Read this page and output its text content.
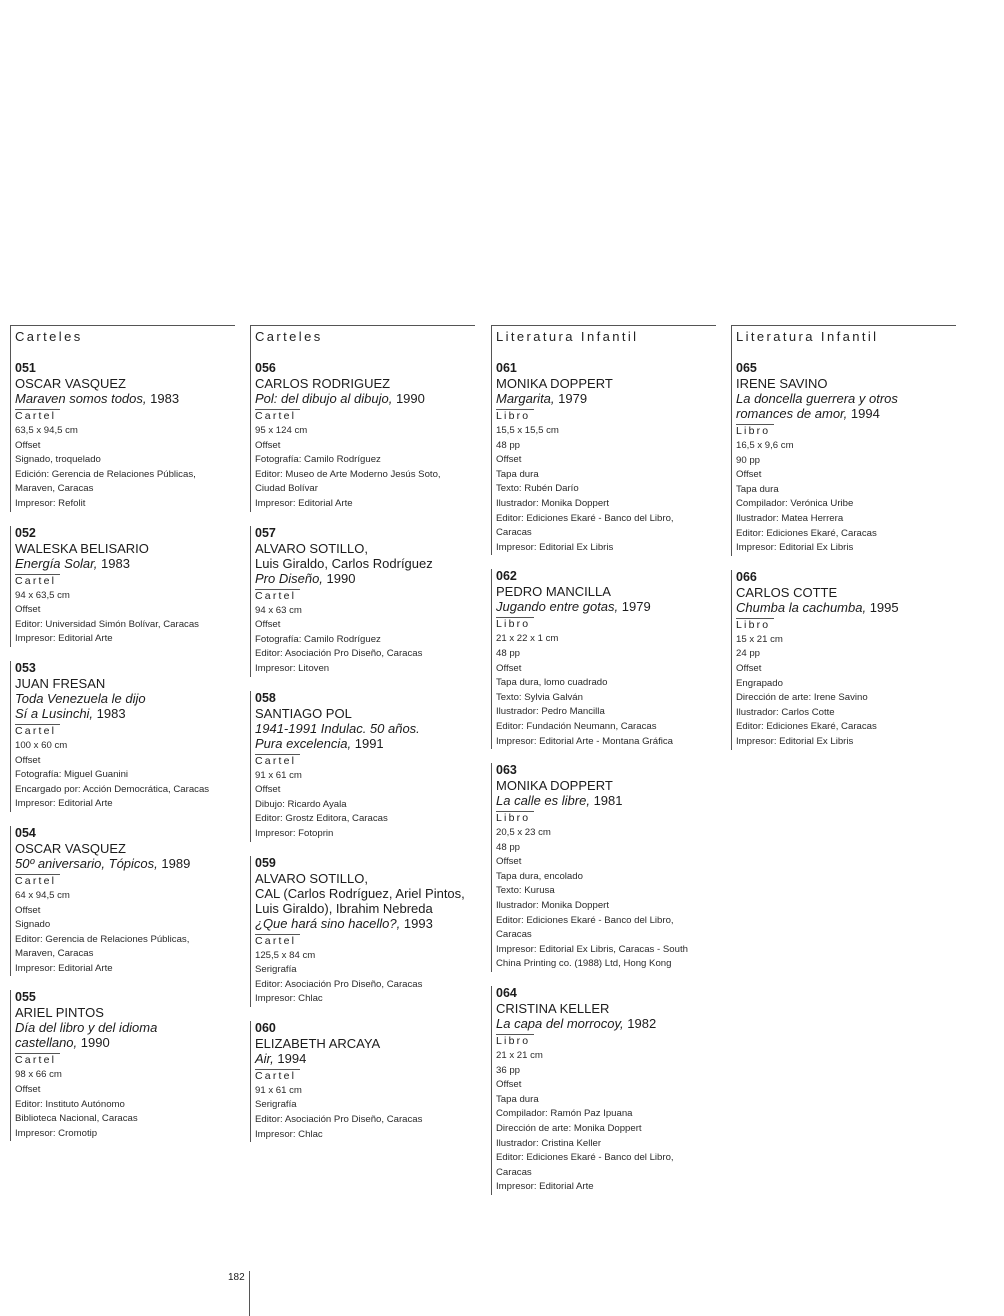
Carteles
051
OSCAR VASQUEZ
Maraven somos todos, 1983
Cartel
63,5 x 94,5 cm
Offset
Signado, troquelado
Edición: Gerencia de Relaciones Públicas,
Maraven, Caracas
Impresor: Refolit
052
WALESKA BELISARIO
Energía Solar, 1983
Cartel
94 x 63,5 cm
Offset
Editor: Universidad Simón Bolívar, Caracas
Impresor: Editorial Arte
053
JUAN FRESAN
Toda Venezuela le dijo
Sí a Lusinchi, 1983
Cartel
100 x 60 cm
Offset
Fotografía: Miguel Guanini
Encargado por: Acción Democrática, Caracas
Impresor: Editorial Arte
054
OSCAR VASQUEZ
50º aniversario, Tópicos, 1989
Cartel
64 x 94,5 cm
Offset
Signado
Editor: Gerencia de Relaciones Públicas,
Maraven, Caracas
Impresor: Editorial Arte
055
ARIEL PINTOS
Día del libro y del idioma
castellano, 1990
Cartel
98 x 66 cm
Offset
Editor: Instituto Autónomo
Biblioteca Nacional, Caracas
Impresor: Cromotip
Carteles
056
CARLOS RODRIGUEZ
Pol: del dibujo al dibujo, 1990
Cartel
95 x 124 cm
Offset
Fotografía: Camilo Rodríguez
Editor: Museo de Arte Moderno Jesús Soto,
Ciudad Bolívar
Impresor: Editorial Arte
057
ALVARO SOTILLO,
Luis Giraldo, Carlos Rodríguez
Pro Diseño, 1990
Cartel
94 x 63 cm
Offset
Fotografía: Camilo Rodríguez
Editor: Asociación Pro Diseño, Caracas
Impresor: Litoven
058
SANTIAGO POL
1941-1991 Indulac. 50 años.
Pura excelencia, 1991
Cartel
91 x 61 cm
Offset
Dibujo: Ricardo Ayala
Editor: Grostz Editora, Caracas
Impresor: Fotoprin
059
ALVARO SOTILLO,
CAL (Carlos Rodríguez, Ariel Pintos,
Luis Giraldo), Ibrahim Nebreda
¿Que hará sino hacello?, 1993
Cartel
125,5 x 84 cm
Serigrafía
Editor: Asociación Pro Diseño, Caracas
Impresor: Chlac
060
ELIZABETH ARCAYA
Air, 1994
Cartel
91 x 61 cm
Serigrafía
Editor: Asociación Pro Diseño, Caracas
Impresor: Chlac
Literatura Infantil
061
MONIKA DOPPERT
Margarita, 1979
Libro
15,5 x 15,5 cm
48 pp
Offset
Tapa dura
Texto: Rubén Darío
Ilustrador: Monika Doppert
Editor: Ediciones Ekaré - Banco del Libro,
Caracas
Impresor: Editorial Ex Libris
062
PEDRO MANCILLA
Jugando entre gotas, 1979
Libro
21 x 22 x 1 cm
48 pp
Offset
Tapa dura, lomo cuadrado
Texto: Sylvia Galván
Ilustrador: Pedro Mancilla
Editor: Fundación Neumann, Caracas
Impresor: Editorial Arte - Montana Gráfica
063
MONIKA DOPPERT
La calle es libre, 1981
Libro
20,5 x 23 cm
48 pp
Offset
Tapa dura, encolado
Texto: Kurusa
Ilustrador: Monika Doppert
Editor: Ediciones Ekaré - Banco del Libro,
Caracas
Impresor: Editorial Ex Libris, Caracas - South
China Printing co. (1988) Ltd, Hong Kong
064
CRISTINA KELLER
La capa del morrocoy, 1982
Libro
21 x 21 cm
36 pp
Offset
Tapa dura
Compilador: Ramón Paz Ipuana
Dirección de arte: Monika Doppert
Ilustrador: Cristina Keller
Editor: Ediciones Ekaré - Banco del Libro,
Caracas
Impresor: Editorial Arte
Literatura Infantil
065
IRENE SAVINO
La doncella guerrera y otros
romances de amor, 1994
Libro
16,5 x 9,6 cm
90 pp
Offset
Tapa dura
Compilador: Verónica Uribe
Ilustrador: Matea Herrera
Editor: Ediciones Ekaré, Caracas
Impresor: Editorial Ex Libris
066
CARLOS COTTE
Chumba la cachumba, 1995
Libro
15 x 21 cm
24 pp
Offset
Engrapado
Dirección de arte: Irene Savino
Ilustrador: Carlos Cotte
Editor: Ediciones Ekaré, Caracas
Impresor: Editorial Ex Libris
182
